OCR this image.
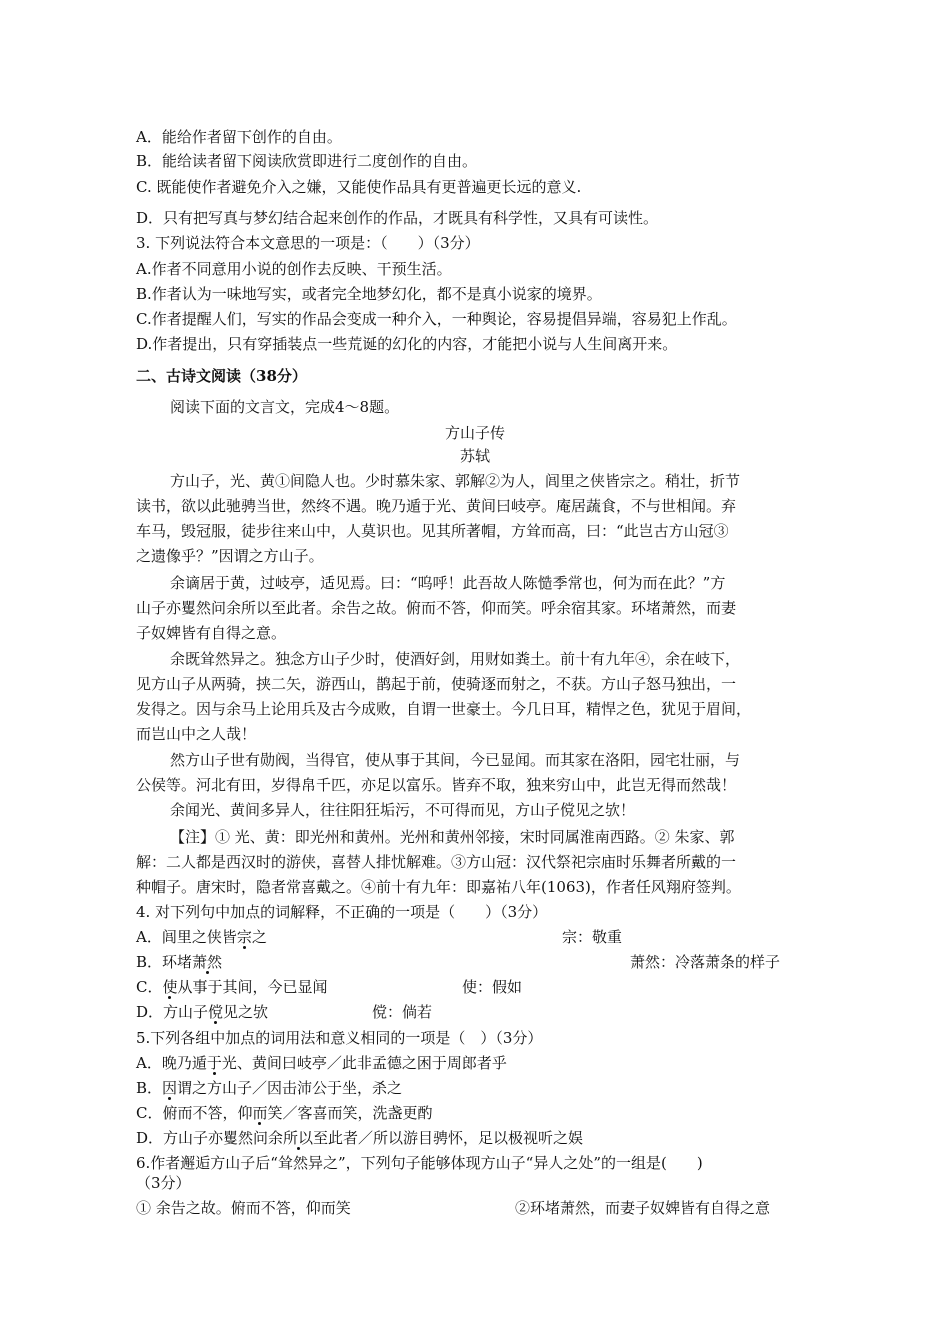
A．能给作者留下创作的自由。
B．能给读者留下阅读欣赏即进行二度创作的自由。
C. 既能使作者避免介入之嫌，又能使作品具有更普遍更长远的意义.
D．只有把写真与梦幻结合起来创作的作品，才既具有科学性，又具有可读性。
3. 下列说法符合本文意思的一项是：（　　）（3分）
A.作者不同意用小说的创作去反映、干预生活。
B.作者认为一味地写实，或者完全地梦幻化，都不是真小说家的境界。
C.作者提醒人们，写实的作品会变成一种介入，一种舆论，容易提倡异端，容易犯上作乱。
D.作者提出，只有穿插装点一些荒诞的幻化的内容，才能把小说与人生间离开来。
二、古诗文阅读（38分）
阅读下面的文言文，完成4～8题。
方山子传
苏轼
方山子，光、黄①间隐人也。少时慕朱家、郭解②为人，闾里之侠皆宗之。稍壮，折节
读书，欲以此驰骋当世，然终不遇。晚乃遁于光、黄间曰岐亭。庵居蔬食，不与世相闻。弃
车马，毁冠服，徒步往来山中，人莫识也。见其所著帽，方耸而高，曰：“此岂古方山冠③
之遗像乎？”因谓之方山子。
余谪居于黄，过岐亭，适见焉。曰：“呜呼！此吾故人陈慥季常也，何为而在此？”方
山子亦矍然问余所以至此者。余告之故。俯而不答，仰而笑。呼余宿其家。环堵萧然，而妻
子奴婢皆有自得之意。
余既耸然异之。独念方山子少时，使酒好剑，用财如粪土。前十有九年④，余在岐下，
见方山子从两骑，挟二矢，游西山，鹊起于前，使骑逐而射之，不获。方山子怒马独出，一
发得之。因与余马上论用兵及古今成败，自谓一世豪士。今几日耳，精悍之色，犹见于眉间，
而岂山中之人哉！
然方山子世有勋阀，当得官，使从事于其间，今已显闻。而其家在洛阳，园宅壮丽，与
公侯等。河北有田，岁得帛千匹，亦足以富乐。皆弃不取，独来穷山中，此岂无得而然哉！
余闻光、黄间多异人，往往阳狂垢污，不可得而见，方山子傥见之欤！
【注】① 光、黄：即光州和黄州。光州和黄州邻接，宋时同属淮南西路。② 朱家、郭
解：二人都是西汉时的游侠，喜替人排忧解难。③方山冠：汉代祭祀宗庙时乐舞者所戴的一
种帽子。唐宋时，隐者常喜戴之。④前十有九年：即嘉祐八年(1063)，作者任风翔府签判。
4. 对下列句中加点的词解释，不正确的一项是（　　）（3分）
A．闾里之侠皆宗之	宗：敬重
B．环堵萧然	萧然：冷落萧条的样子
C．使从事于其间，今已显闻	使：假如
D．方山子傥见之欤	傥：倘若
5.下列各组中加点的词用法和意义相同的一项是（　）（3分）
A．晚乃遁于光、黄间曰岐亭／此非孟德之困于周郎者乎
B．因谓之方山子／因击沛公于坐，杀之
C．俯而不答，仰而笑／客喜而笑，洗盏更酌
D．方山子亦矍然问余所以至此者／所以游目骋怀，足以极视听之娱
6.作者邂逅方山子后“耸然异之”，下列句子能够体现方山子“异人之处”的一组是(　　)
（3分）
① 余告之故。俯而不答，仰而笑	②环堵萧然，而妻子奴婢皆有自得之意
